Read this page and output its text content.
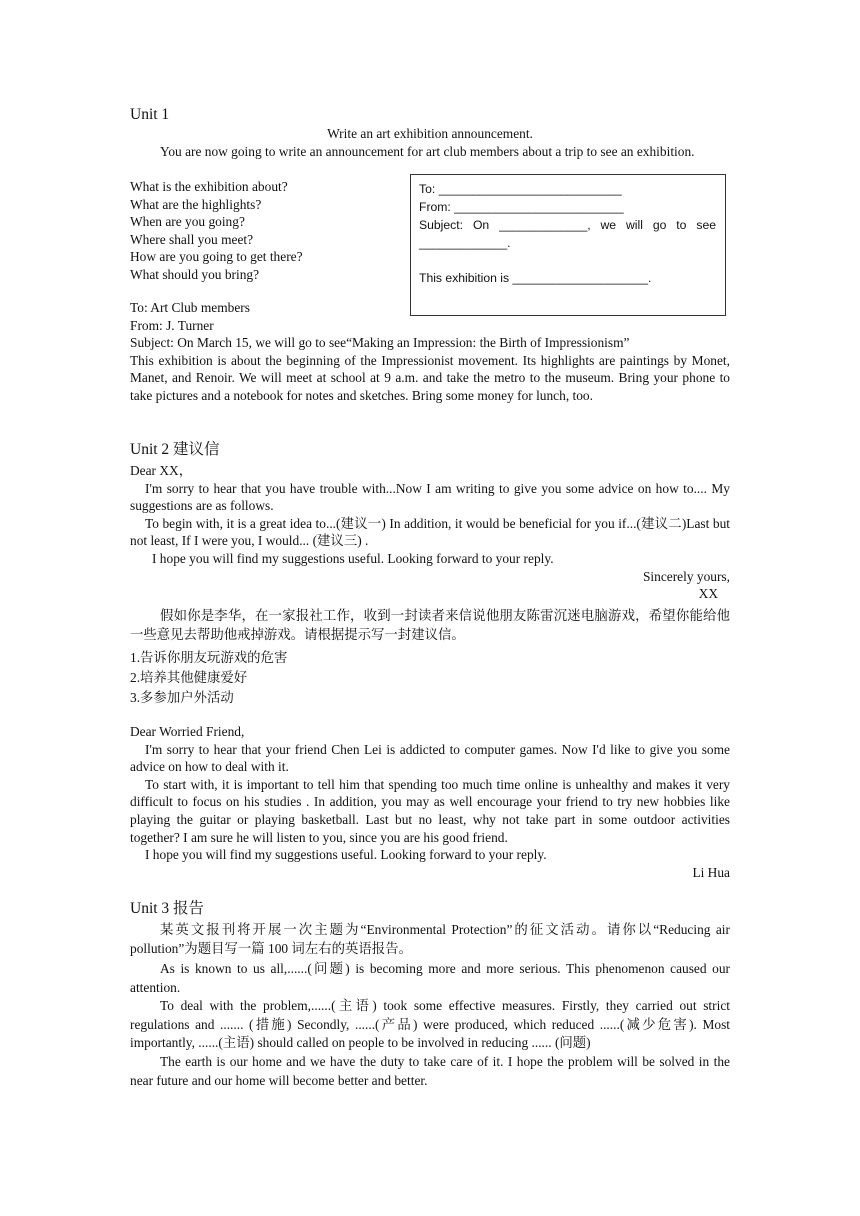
Unit 1
Write an art exhibition announcement.

You are now going to write an announcement for art club members about a trip to see an exhibition.

What is the exhibition about?

What are the highlights?

When are you going?

Where shall you meet?

How are you going to get there?

What should you bring?

To: ___________________________

From: _________________________

Subject: On _____________, we will go to see _____________.

This exhibition is ____________________.

To: Art Club members

From: J. Turner

Subject: On March 15, we will go to see“Making an Impression: the Birth of Impressionism”

This exhibition is about the beginning of the Impressionist movement. Its highlights are paintings by Monet, Manet, and Renoir. We will meet at school at 9 a.m. and take the metro to the museum. Bring your phone to take pictures and a notebook for notes and sketches. Bring some money for lunch, too.

Unit 2 建议信

Dear XX，

I'm sorry to hear that you have trouble with...Now I am writing to give you some advice on how to.... My suggestions are as follows.

To begin with, it is a great idea to...(建议一) In addition, it would be beneficial for you if...(建议二)Last but not least, If I were you, I would... (建议三) .

I hope you will find my suggestions useful. Looking forward to your reply.

Sincerely yours,

XX

假如你是李华，在一家报社工作，收到一封读者来信说他朋友陈雷沉迷电脑游戏，希望你能给他一些意见去帮助他戒掉游戏。请根据提示写一封建议信。

1.告诉你朋友玩游戏的危害

2.培养其他健康爱好

3.多参加户外活动

Dear Worried Friend,

I'm sorry to hear that your friend Chen Lei is addicted to computer games. Now I'd like to give you some advice on how to deal with it.

To start with, it is important to tell him that spending too much time online is unhealthy and makes it very difficult to focus on his studies . In addition, you may as well encourage your friend to try new hobbies like playing the guitar or playing basketball. Last but no least, why not take part in some outdoor activities together? I am sure he will listen to you, since you are his good friend.

I hope you will find my suggestions useful. Looking forward to your reply.

Li Hua

Unit 3 报告

某英文报刊将开展一次主题为“Environmental Protection”的征文活动。请你以“Reducing air pollution”为题目写一篇 100 词左右的英语报告。

As is known to us all,......(问题) is becoming more and more serious. This phenomenon caused our attention.

To deal with the problem,......(主语) took some effective measures. Firstly, they carried out strict regulations and ....... (措施) Secondly, ......(产品) were produced, which reduced ......(减少危害). Most importantly, ......(主语) should called on people to be involved in reducing ...... (问题)

The earth is our home and we have the duty to take care of it. I hope the problem will be solved in the near future and our home will become better and better.
